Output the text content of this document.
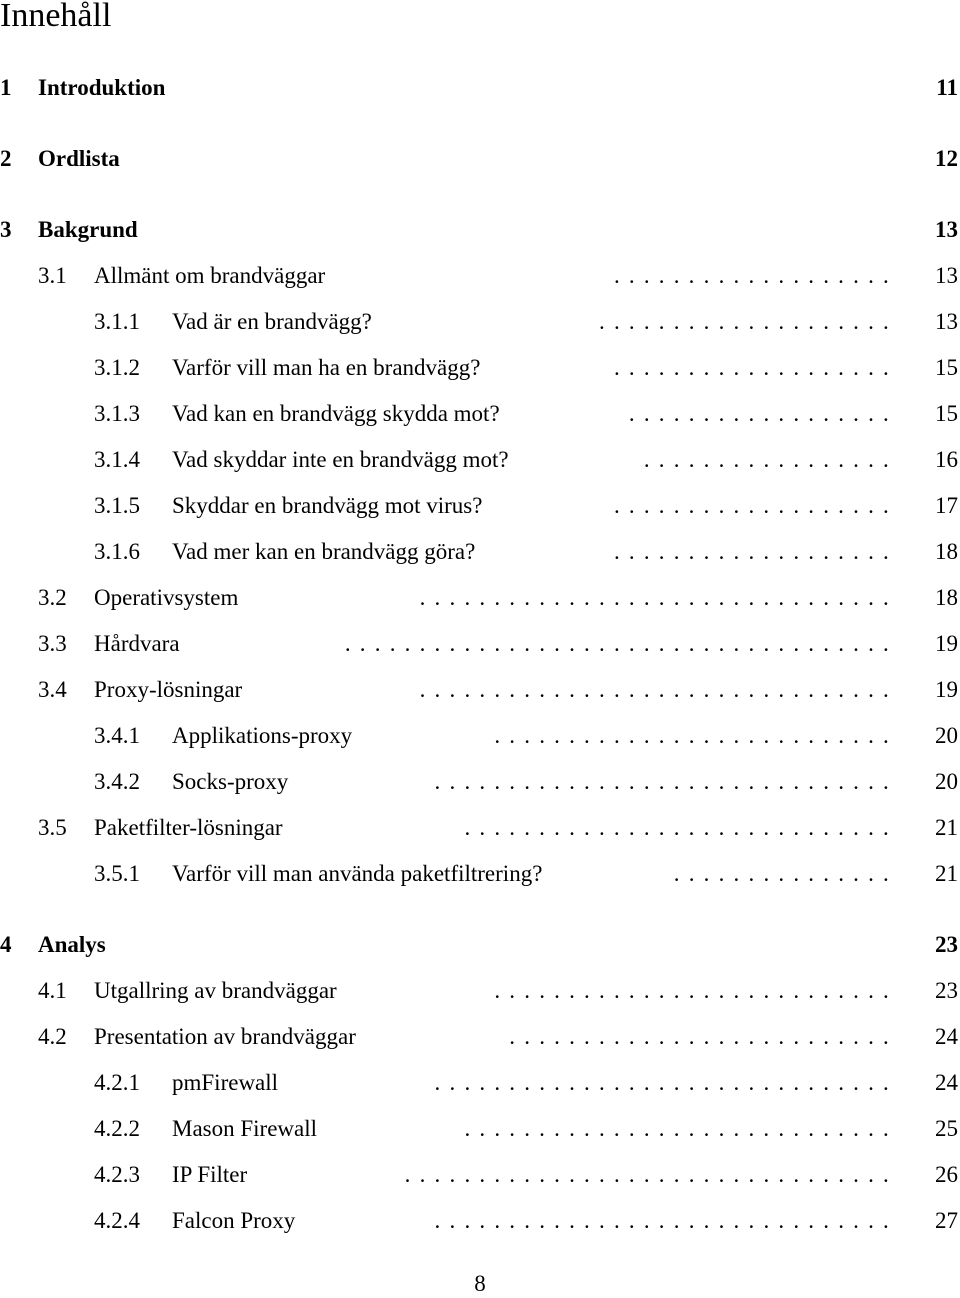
Innehåll
1 Introduktion	11
2 Ordlista	12
3 Bakgrund	13
3.1 Allmänt om brandväggar	................... 13
3.1.1 Vad är en brandvägg?	.................... 13
3.1.2 Varför vill man ha en brandvägg?	................... 15
3.1.3 Vad kan en brandvägg skydda mot?	.................. 15
3.1.4 Vad skyddar inte en brandvägg mot?	................. 16
3.1.5 Skyddar en brandvägg mot virus?	................... 17
3.1.6 Vad mer kan en brandvägg göra?	................... 18
3.2 Operativsystem	................................ 18
3.3 Hårdvara	..................................... 19
3.4 Proxy-lösningar	................................ 19
3.4.1 Applikations-proxy	........................... 20
3.4.2 Socks-proxy	............................... 20
3.5 Paketfilter-lösningar	............................. 21
3.5.1 Varför vill man använda paketfiltrering?	............... 21
4 Analys	23
4.1 Utgallring av brandväggar	........................... 23
4.2 Presentation av brandväggar	.......................... 24
4.2.1 pmFirewall	............................... 24
4.2.2 Mason Firewall	............................. 25
4.2.3 IP Filter	................................. 26
4.2.4 Falcon Proxy	............................... 27
8
